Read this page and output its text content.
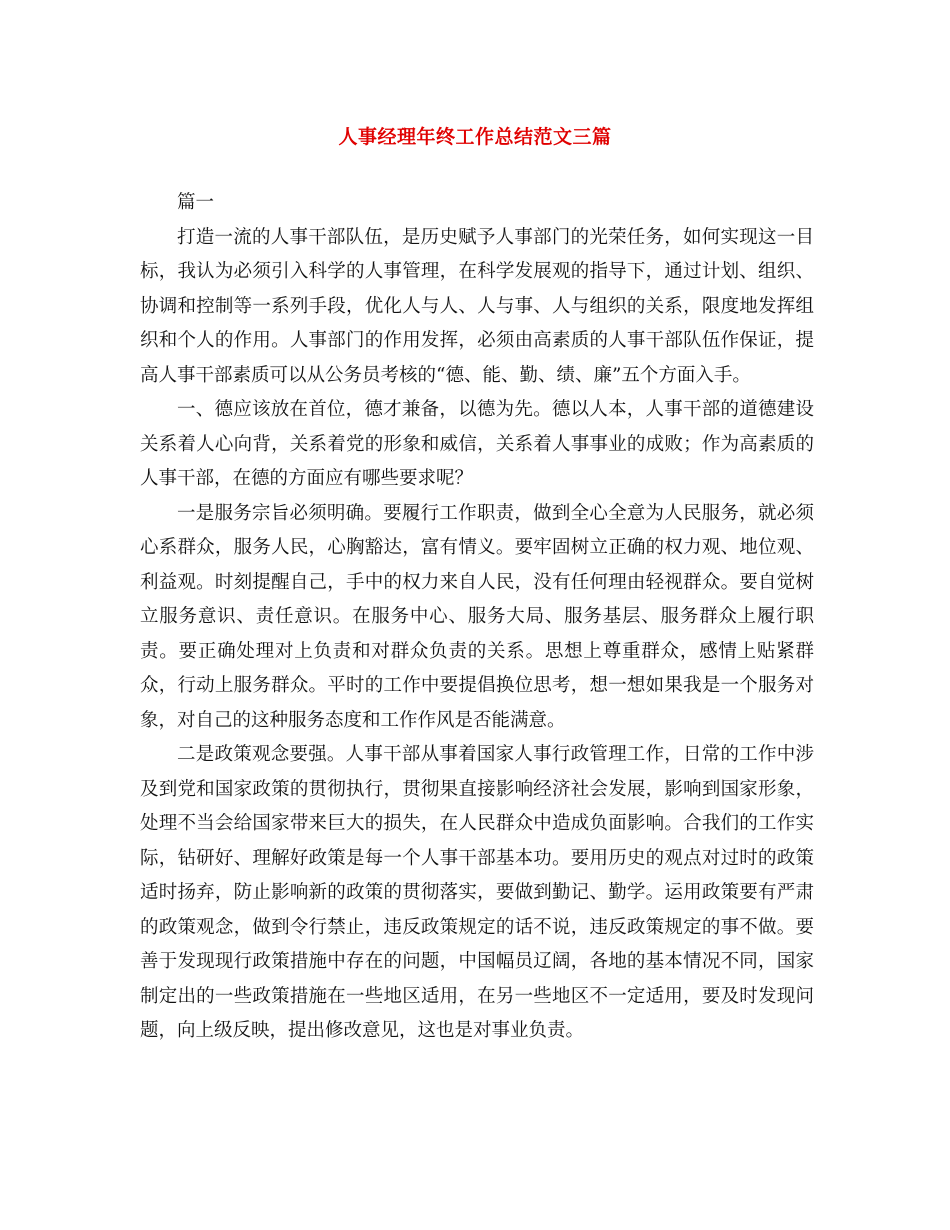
人事经理年终工作总结范文三篇

篇一

打造一流的人事干部队伍，是历史赋予人事部门的光荣任务，如何实现这一目标，我认为必须引入科学的人事管理，在科学发展观的指导下，通过计划、组织、协调和控制等一系列手段，优化人与人、人与事、人与组织的关系，限度地发挥组织和个人的作用。人事部门的作用发挥，必须由高素质的人事干部队伍作保证，提高人事干部素质可以从公务员考核的“德、能、勤、绩、廉”五个方面入手。

一、德应该放在首位，德才兼备，以德为先。德以人本，人事干部的道德建设关系着人心向背，关系着党的形象和威信，关系着人事事业的成败；作为高素质的人事干部，在德的方面应有哪些要求呢？

一是服务宗旨必须明确。要履行工作职责，做到全心全意为人民服务，就必须心系群众，服务人民，心胸豁达，富有情义。要牢固树立正确的权力观、地位观、利益观。时刻提醒自己，手中的权力来自人民，没有任何理由轻视群众。要自觉树立服务意识、责任意识。在服务中心、服务大局、服务基层、服务群众上履行职责。要正确处理对上负责和对群众负责的关系。思想上尊重群众，感情上贴紧群众，行动上服务群众。平时的工作中要提倡换位思考，想一想如果我是一个服务对象，对自己的这种服务态度和工作作风是否能满意。

二是政策观念要强。人事干部从事着国家人事行政管理工作，日常的工作中涉及到党和国家政策的贯彻执行，贯彻果直接影响经济社会发展，影响到国家形象，处理不当会给国家带来巨大的损失，在人民群众中造成负面影响。合我们的工作实际，钻研好、理解好政策是每一个人事干部基本功。要用历史的观点对过时的政策适时扬弃，防止影响新的政策的贯彻落实，要做到勤记、勤学。运用政策要有严肃的政策观念，做到令行禁止，违反政策规定的话不说，违反政策规定的事不做。要善于发现现行政策措施中存在的问题，中国幅员辽阔，各地的基本情况不同，国家制定出的一些政策措施在一些地区适用，在另一些地区不一定适用，要及时发现问题，向上级反映，提出修改意见，这也是对事业负责。
